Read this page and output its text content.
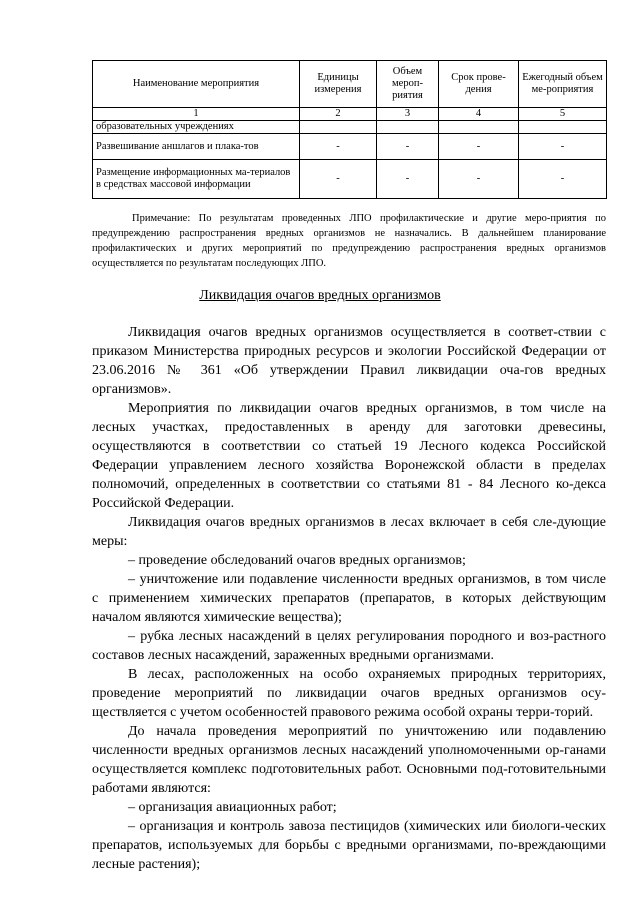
Наименование мероприятия	Единицы измерения	Объем мероп-риятия	Срок прове-дения	Ежегодный объем ме-роприятия
1	2	3	4	5
образовательных учреждениях				
Развешивание аншлагов и плака-тов	-	-	-	-
Размещение информационных ма-териалов в средствах массовой информации	-	-	-	-

Примечание: По результатам проведенных ЛПО профилактические и другие меро-приятия по предупреждению распространения вредных организмов не назначались. В дальнейшем планирование профилактических и других мероприятий по предупреждению распространения вредных организмов осуществляется по результатам последующих ЛПО.

Ликвидация очагов вредных организмов

Ликвидация очагов вредных организмов осуществляется в соответ-ствии с приказом Министерства природных ресурсов и экологии Российской Федерации от 23.06.2016 № 361 «Об утверждении Правил ликвидации оча-гов вредных организмов».

Мероприятия по ликвидации очагов вредных организмов, в том числе на лесных участках, предоставленных в аренду для заготовки древесины, осуществляются в соответствии со статьей 19 Лесного кодекса Российской Федерации управлением лесного хозяйства Воронежской области в пределах полномочий, определенных в соответствии со статьями 81 - 84 Лесного ко-декса Российской Федерации.

Ликвидация очагов вредных организмов в лесах включает в себя сле-дующие меры:

– проведение обследований очагов вредных организмов;

– уничтожение или подавление численности вредных организмов, в том числе с применением химических препаратов (препаратов, в которых действующим началом являются химические вещества);

– рубка лесных насаждений в целях регулирования породного и воз-растного составов лесных насаждений, зараженных вредными организмами.

В лесах, расположенных на особо охраняемых природных территориях, проведение мероприятий по ликвидации очагов вредных организмов осу-ществляется с учетом особенностей правового режима особой охраны терри-торий.

До начала проведения мероприятий по уничтожению или подавлению численности вредных организмов лесных насаждений уполномоченными ор-ганами осуществляется комплекс подготовительных работ. Основными под-готовительными работами являются:

– организация авиационных работ;

– организация и контроль завоза пестицидов (химических или биологи-ческих препаратов, используемых для борьбы с вредными организмами, по-вреждающими лесные растения);
